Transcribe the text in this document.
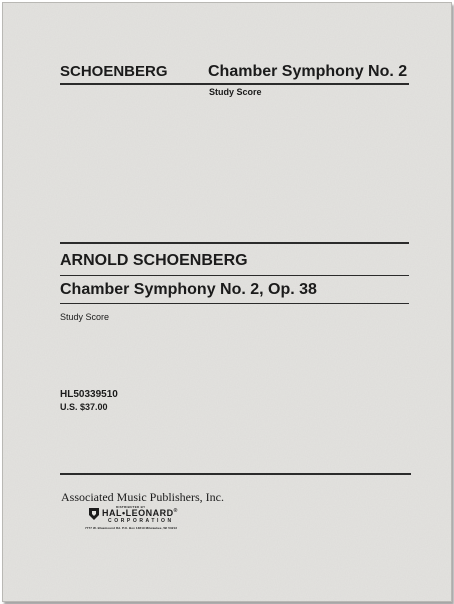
SCHOENBERG	Chamber Symphony No. 2
Study Score
ARNOLD SCHOENBERG
Chamber Symphony No. 2, Op. 38
Study Score
HL50339510
U.S. $37.00
Associated Music Publishers, Inc.
DISTRIBUTED BY
HAL•LEONARD®
CORPORATION
7777 W. Bluemound Rd. P.O. Box 13819 Milwaukee, WI 53213
